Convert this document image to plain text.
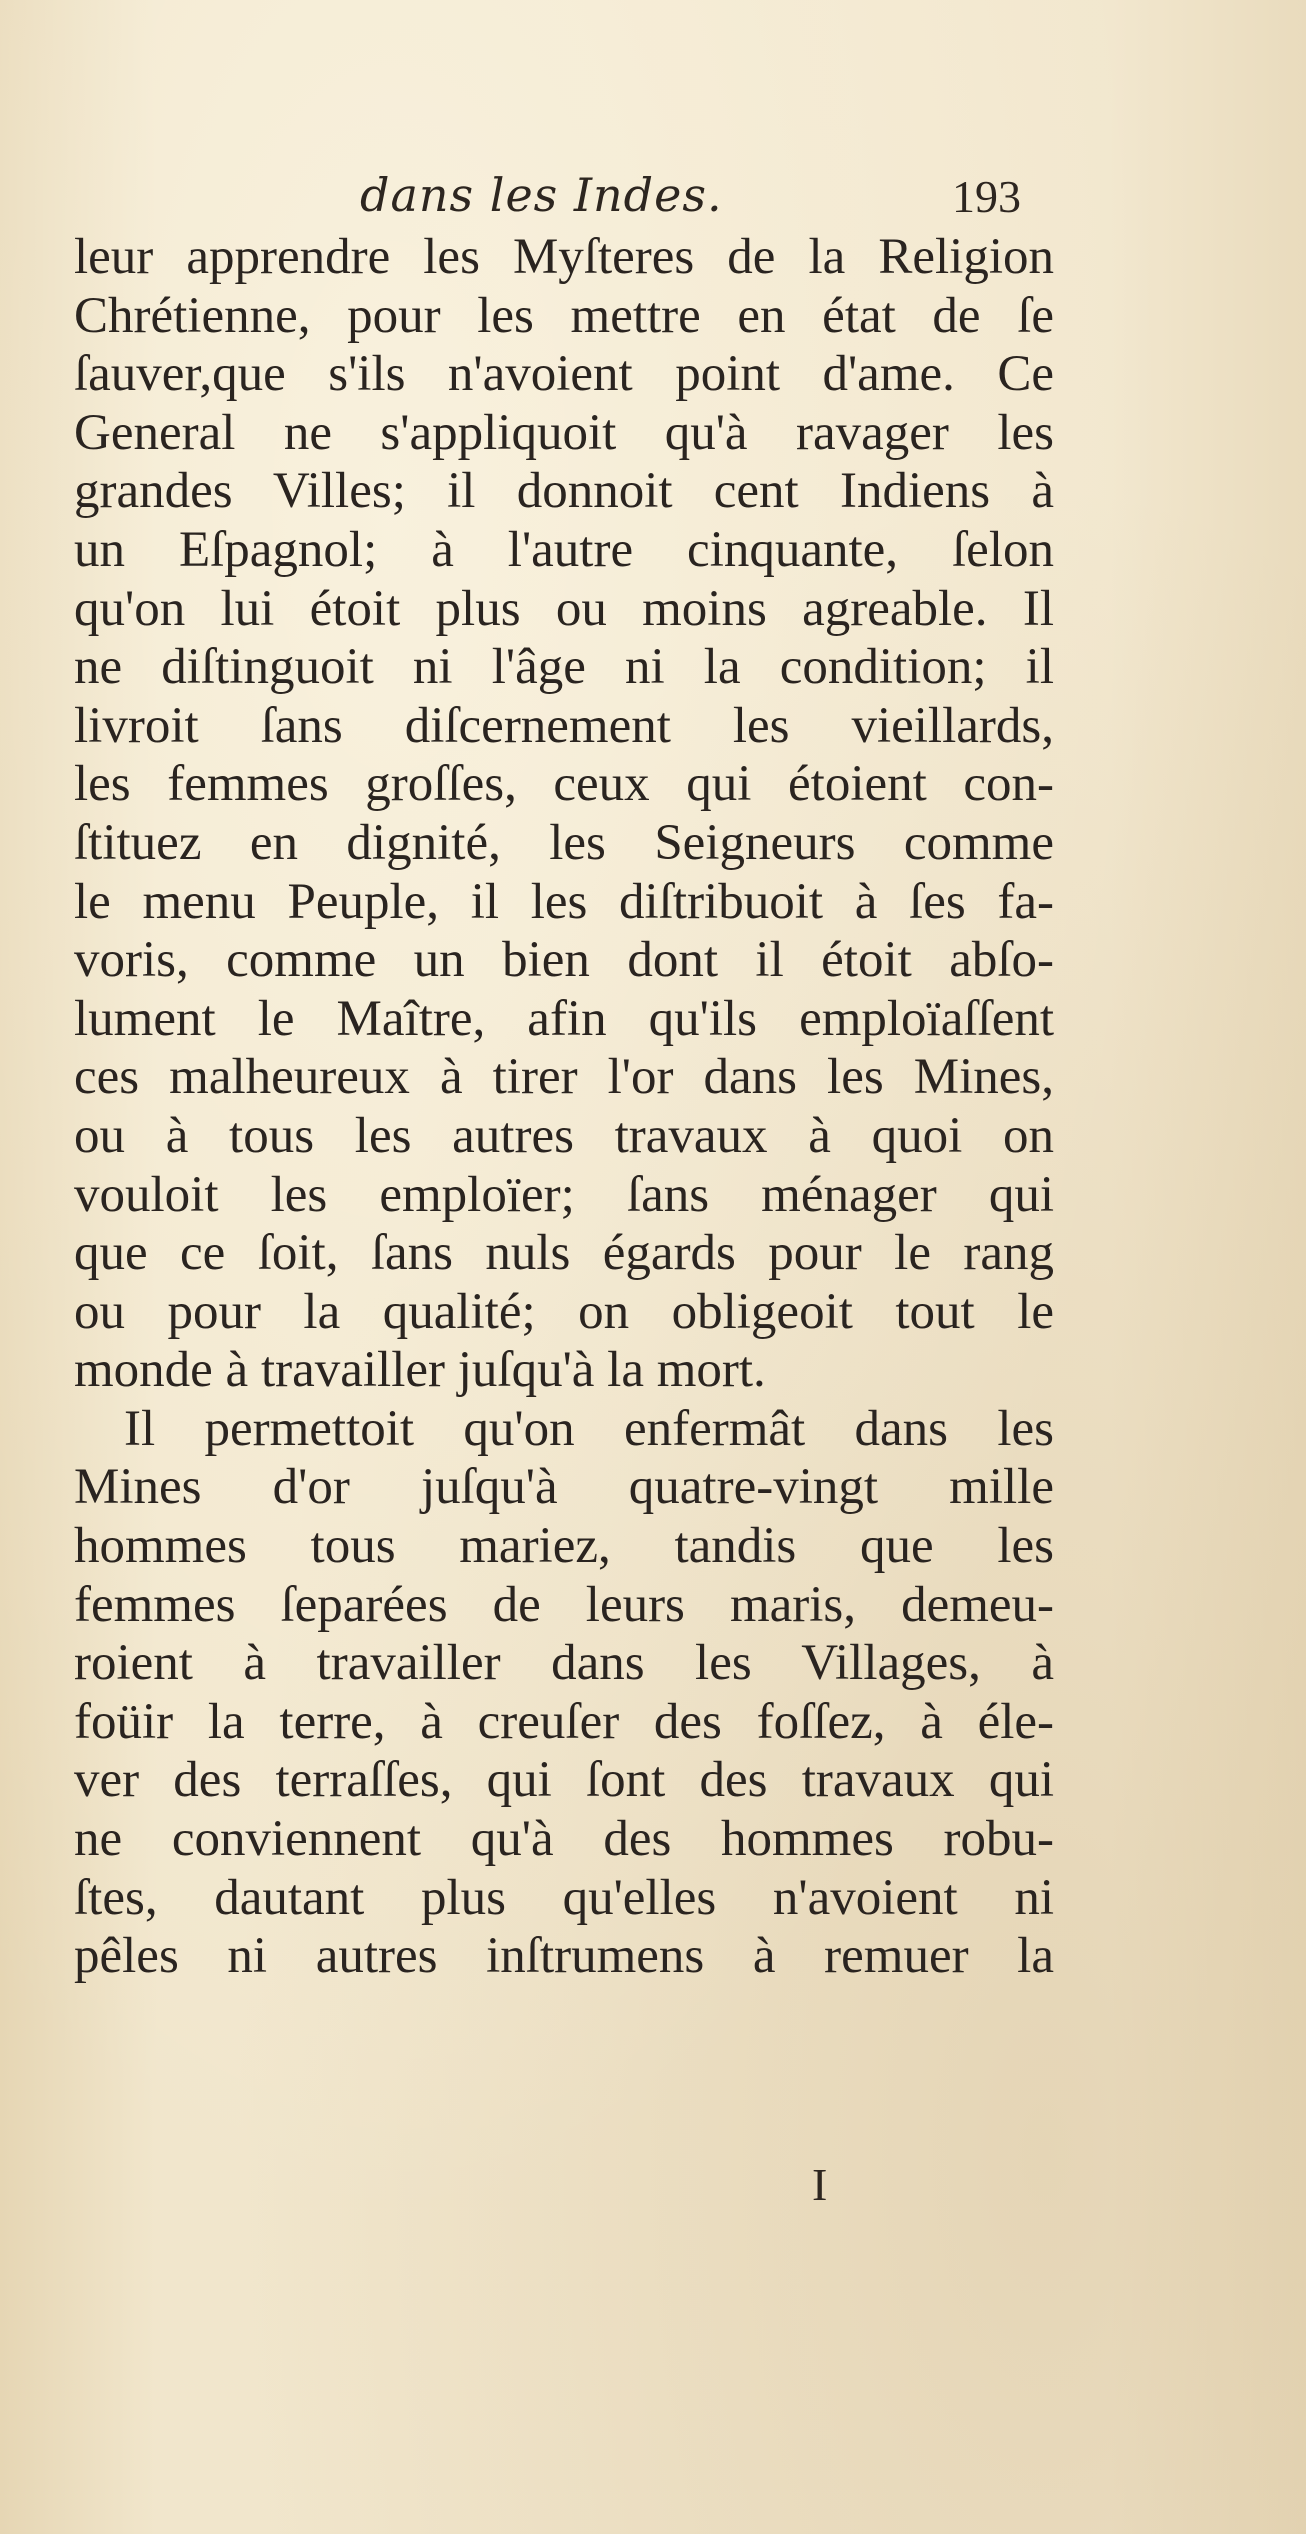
dans les Indes.	193
leur apprendre les Myſteres de la Religion
Chrétienne, pour les mettre en état de ſe
ſauver,que s'ils n'avoient point d'ame. Ce
General ne s'appliquoit qu'à ravager les
grandes Villes; il donnoit cent Indiens à
un Eſpagnol; à l'autre cinquante, ſelon
qu'on lui étoit plus ou moins agreable. Il
ne diſtinguoit ni l'âge ni la condition; il
livroit ſans diſcernement les vieillards,
les femmes groſſes, ceux qui étoient con-
ſtituez en dignité, les Seigneurs comme
le menu Peuple, il les diſtribuoit à ſes fa-
voris, comme un bien dont il étoit abſo-
lument le Maître, afin qu'ils emploïaſſent
ces malheureux à tirer l'or dans les Mines,
ou à tous les autres travaux à quoi on
vouloit les emploïer; ſans ménager qui
que ce ſoit, ſans nuls égards pour le rang
ou pour la qualité; on obligeoit tout le
monde à travailler juſqu'à la mort.
Il permettoit qu'on enfermât dans les
Mines d'or juſqu'à quatre-vingt mille
hommes tous mariez, tandis que les
femmes ſeparées de leurs maris, demeu-
roient à travailler dans les Villages, à
foüir la terre, à creuſer des foſſez, à éle-
ver des terraſſes, qui ſont des travaux qui
ne conviennent qu'à des hommes robu-
ſtes, dautant plus qu'elles n'avoient ni
pêles ni autres inſtrumens à remuer la
I
